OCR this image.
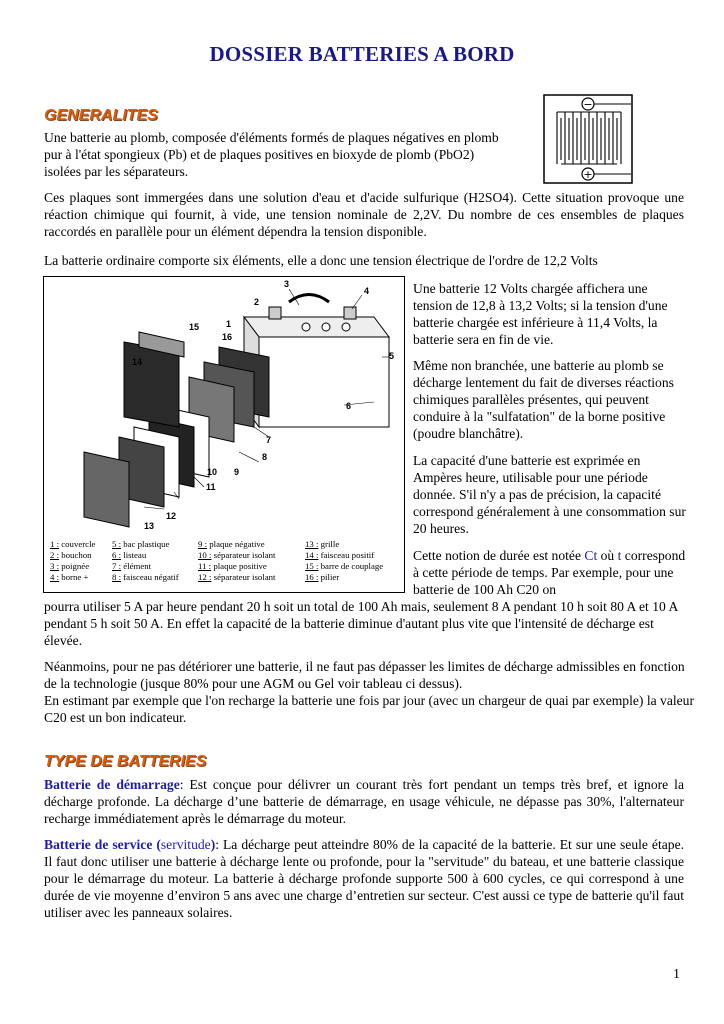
DOSSIER BATTERIES A BORD
GENERALITES

Une batterie au plomb, composée d'éléments formés de plaques négatives en plomb pur à l'état spongieux (Pb) et de plaques positives en bioxyde de plomb (PbO2) isolées par les séparateurs.

−
+

Ces plaques sont immergées dans une solution d'eau et d'acide sulfurique (H2SO4). Cette situation provoque une réaction chimique qui fournit, à vide, une tension nominale de 2,2V. Du nombre de ces ensembles de plaques raccordés en parallèle pour un élément dépendra la tension disponible.

La batterie ordinaire comporte six éléments, elle a donc une tension électrique de l'ordre de 12,2 Volts

3
4
2
1
16
15
14
5
6
7
8
11
10 9
12
13
1 : couvercle
2 : bouchon
3 : poignée
4 : borne +
5 : bac plastique
6 : listeau
7 : élément
8 : faisceau négatif
9 : plaque négative
10 : séparateur isolant
11 : plaque positive
12 : séparateur isolant
13 : grille
14 : faisceau positif
15 : barre de couplage
16 : pilier

Une batterie 12 Volts chargée affichera une tension de 12,8 à 13,2 Volts; si la tension d'une batterie chargée est inférieure à 11,4 Volts, la batterie sera en fin de vie.

Même non branchée, une batterie au plomb se décharge lentement du fait de diverses réactions chimiques parallèles présentes, qui peuvent conduire à la "sulfatation" de la borne positive (poudre blanchâtre).

La capacité d'une batterie est exprimée en Ampères heure, utilisable pour une période donnée. S'il n'y a pas de précision, la capacité correspond généralement à une consommation sur 20 heures.

Cette notion de durée est notée Ct où t correspond à cette période de temps. Par exemple, pour une batterie de 100 Ah C20 on

pourra utiliser 5 A par heure pendant 20 h soit un total de 100 Ah mais, seulement 8 A pendant 10 h soit 80 A et 10 A pendant 5 h soit 50 A. En effet la capacité de la batterie diminue d'autant plus vite que l'intensité de décharge est élevée.

Néanmoins, pour ne pas détériorer une batterie, il ne faut pas dépasser les limites de décharge admissibles en fonction de la technologie (jusque 80% pour une AGM ou Gel voir tableau ci dessus).

En estimant par exemple que l'on recharge la batterie une fois par jour (avec un chargeur de quai par exemple) la valeur C20 est un bon indicateur.

TYPE DE BATTERIES

Batterie de démarrage: Est conçue pour délivrer un courant très fort pendant un temps très bref, et ignore la décharge profonde. La décharge d’une batterie de démarrage, en usage véhicule, ne dépasse pas 30%, l'alternateur recharge immédiatement après le démarrage du moteur.

Batterie de service (servitude): La décharge peut atteindre 80% de la capacité de la batterie. Et sur une seule étape. Il faut donc utiliser une batterie à décharge lente ou profonde, pour la "servitude" du bateau, et une batterie classique pour le démarrage du moteur. La batterie à décharge profonde supporte 500 à 600 cycles, ce qui correspond à une durée de vie moyenne d’environ 5 ans avec une charge d’entretien sur secteur. C'est aussi ce type de batterie qu'il faut utiliser avec les panneaux solaires.

1
